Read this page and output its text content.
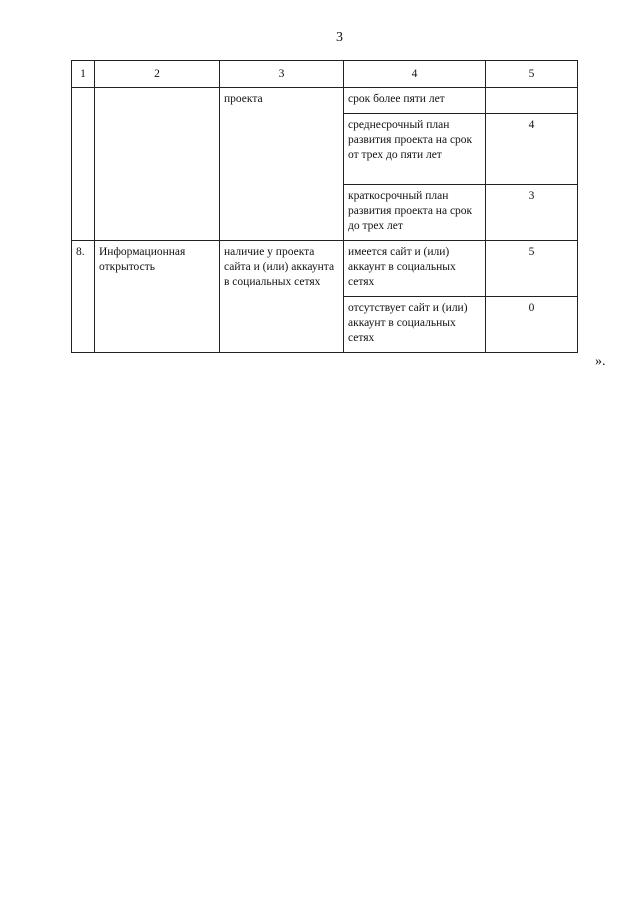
3
1	2	3	4	5
		проекта	срок более пяти лет	
			среднесрочный план развития проекта на срок от трех до пяти лет	4
			краткосрочный план развития проекта на срок до трех лет	3
8.	Информационная открытость	наличие у проекта сайта и (или) аккаунта в социальных сетях	имеется сайт и (или) аккаунт в социальных сетях	5
			отсутствует сайт и (или) аккаунт в социальных сетях	0
».
